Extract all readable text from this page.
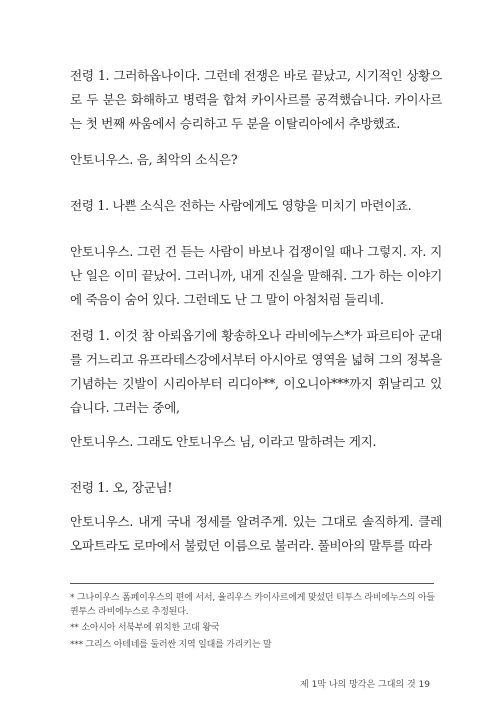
전령 1. 그러하옵나이다. 그런데 전쟁은 바로 끝났고, 시기적인 상황으로 두 분은 화해하고 병력을 합쳐 카이사르를 공격했습니다. 카이사르는 첫 번째 싸움에서 승리하고 두 분을 이탈리아에서 추방했죠.

안토니우스. 음, 최악의 소식은?

전령 1. 나쁜 소식은 전하는 사람에게도 영향을 미치기 마련이죠.

안토니우스. 그런 건 듣는 사람이 바보나 겁쟁이일 때나 그렇지. 자. 지난 일은 이미 끝났어. 그러니까, 내게 진실을 말해줘. 그가 하는 이야기에 죽음이 숨어 있다. 그런데도 난 그 말이 아첨처럼 들리네.

전령 1. 이것 참 아뢰옵기에 황송하오나 라비에누스*가 파르티아 군대를 거느리고 유프라테스강에서부터 아시아로 영역을 넓혀 그의 정복을 기념하는 깃발이 시리아부터 리디아**, 이오니아***까지 휘날리고 있습니다. 그러는 중에,

안토니우스. 그래도 안토니우스 님, 이라고 말하려는 게지.

전령 1. 오, 장군님!

안토니우스. 내게 국내 정세를 알려주게. 있는 그대로 솔직하게. 클레오파트라도 로마에서 불렀던 이름으로 불러라. 풀비아의 말투를 따라

* 그나이우스 폼페이우스의 편에 서서, 율리우스 카이사르에게 맞섰던 티투스 라비에누스의 아들 퀸투스 라비에누스로 추정된다.

** 소아시아 서북부에 위치한 고대 왕국

*** 그리스 아테네를 둘러싼 지역 일대를 가리키는 말

제 1막 나의 망각은 그대의 것 19
